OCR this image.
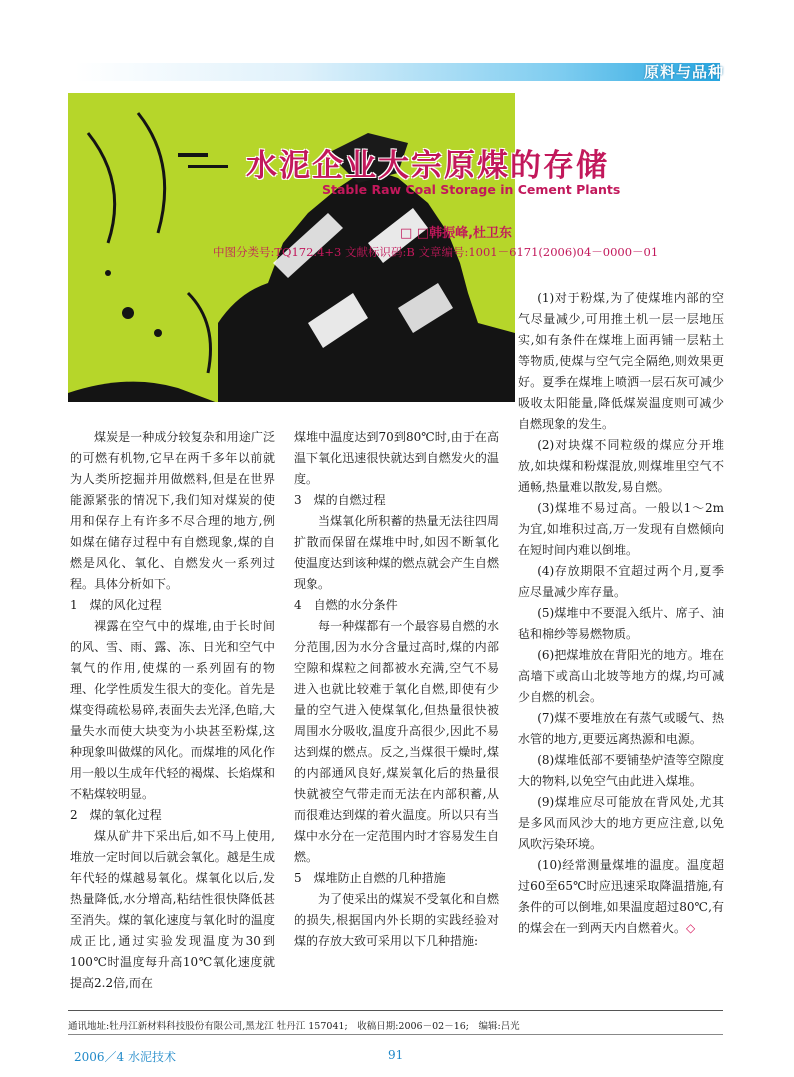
原料与品种
水泥企业大宗原煤的存储
Stable Raw Coal Storage in Cement Plants
□ □韩振峰,杜卫东
中图分类号:TQ172.4+3 文献标识码:B 文章编号:1001－6171(2006)04－0000－01

煤炭是一种成分较复杂和用途广泛的可燃有机物,它早在两千多年以前就为人类所挖掘并用做燃料,但是在世界能源紧张的情况下,我们知对煤炭的使用和保存上有许多不尽合理的地方,例如煤在储存过程中有自燃现象,煤的自燃是风化、氧化、自燃发火一系列过程。具体分析如下。

1　煤的风化过程

裸露在空气中的煤堆,由于长时间的风、雪、雨、露、冻、日光和空气中氧气的作用,使煤的一系列固有的物理、化学性质发生很大的变化。首先是煤变得疏松易碎,表面失去光泽,色暗,大量失水而使大块变为小块甚至粉煤,这种现象叫做煤的风化。而煤堆的风化作用一般以生成年代轻的褐煤、长焰煤和不粘煤较明显。

2　煤的氧化过程

煤从矿井下采出后,如不马上使用,堆放一定时间以后就会氧化。越是生成年代轻的煤越易氧化。煤氧化以后,发热量降低,水分增高,粘结性很快降低甚至消失。煤的氧化速度与氧化时的温度成正比,通过实验发现温度为30到100℃时温度每升高10℃氧化速度就提高2.2倍,而在

煤堆中温度达到70到80℃时,由于在高温下氧化迅速很快就达到自燃发火的温度。

3　煤的自燃过程

当煤氧化所积蓄的热量无法往四周扩散而保留在煤堆中时,如因不断氧化使温度达到该种煤的燃点就会产生自燃现象。

4　自燃的水分条件

每一种煤都有一个最容易自燃的水分范围,因为水分含量过高时,煤的内部空隙和煤粒之间都被水充满,空气不易进入也就比较难于氧化自燃,即使有少量的空气进入使煤氧化,但热量很快被周围水分吸收,温度升高很少,因此不易达到煤的燃点。反之,当煤很干燥时,煤的内部通风良好,煤炭氧化后的热量很快就被空气带走而无法在内部积蓄,从而很难达到煤的着火温度。所以只有当煤中水分在一定范围内时才容易发生自燃。

5　煤堆防止自燃的几种措施

为了使采出的煤炭不受氧化和自燃的损失,根据国内外长期的实践经验对煤的存放大致可采用以下几种措施:

(1)对于粉煤,为了使煤堆内部的空气尽量减少,可用推土机一层一层地压实,如有条件在煤堆上面再铺一层粘土等物质,使煤与空气完全隔绝,则效果更好。夏季在煤堆上喷洒一层石灰可减少吸收太阳能量,降低煤炭温度则可减少自燃现象的发生。

(2)对块煤不同粒级的煤应分开堆放,如块煤和粉煤混放,则煤堆里空气不通畅,热量难以散发,易自燃。

(3)煤堆不易过高。一般以1～2m为宜,如堆积过高,万一发现有自燃倾向在短时间内难以倒堆。

(4)存放期限不宜超过两个月,夏季应尽量减少库存量。

(5)煤堆中不要混入纸片、席子、油毡和棉纱等易燃物质。

(6)把煤堆放在背阳光的地方。堆在高墙下或高山北坡等地方的煤,均可减少自燃的机会。

(7)煤不要堆放在有蒸气或暖气、热水管的地方,更要远离热源和电源。

(8)煤堆低部不要铺垫炉渣等空隙度大的物料,以免空气由此进入煤堆。

(9)煤堆应尽可能放在背风处,尤其是多风而风沙大的地方更应注意,以免风吹污染环境。

(10)经常测量煤堆的温度。温度超过60至65℃时应迅速采取降温措施,有条件的可以倒堆,如果温度超过80℃,有的煤会在一到两天内自燃着火。◇

通讯地址:牡丹江新材料科技股份有限公司,黑龙江 牡丹江 157041;　收稿日期:2006－02－16;　编辑:吕光
2006／4 水泥技术	91
